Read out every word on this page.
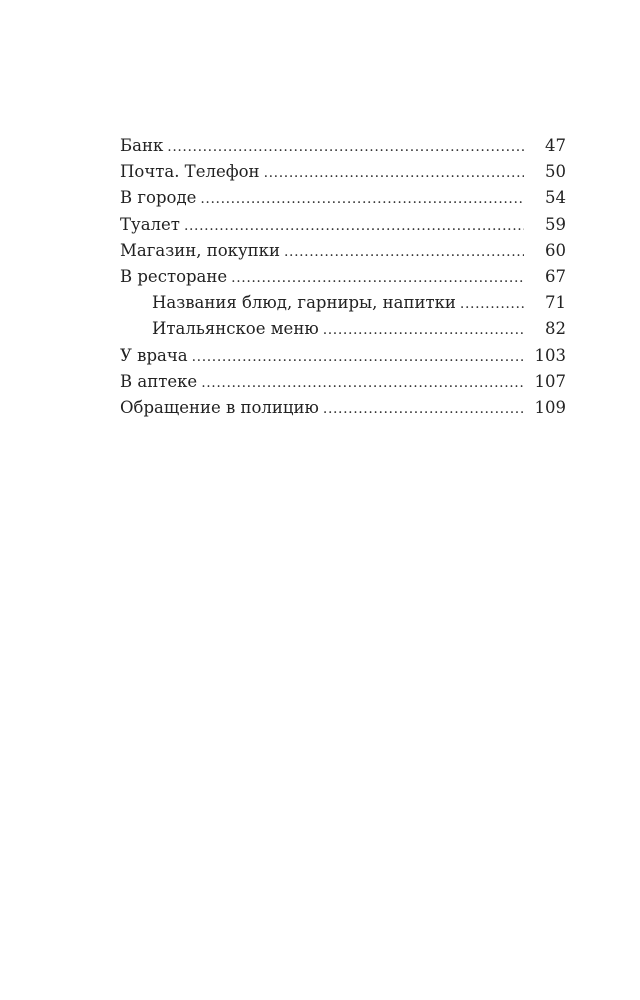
Банк .....	47
Почта. Телефон .....	50
В городе .....	54
Туалет .....	59
Магазин, покупки .....	60
В ресторане .....	67
Названия блюд, гарниры, напитки .....	71
Итальянское меню .....	82
У врача .....	103
В аптеке .....	107
Обращение в полицию .....	109
